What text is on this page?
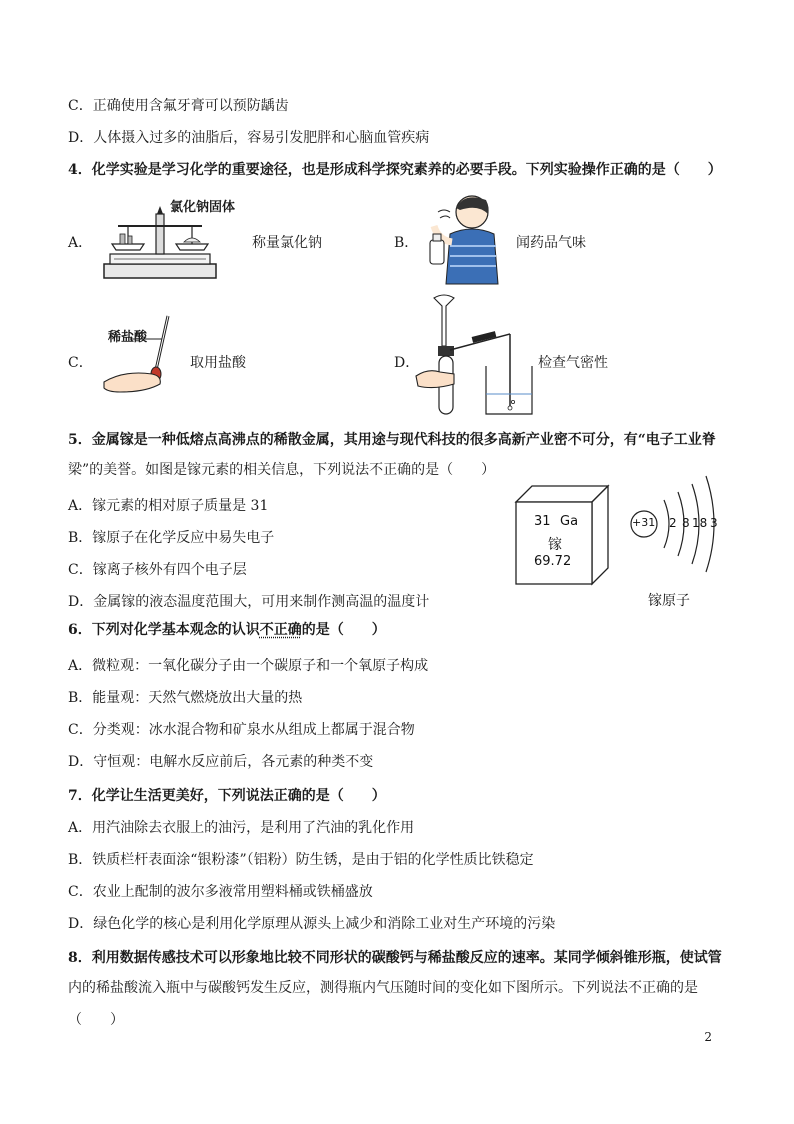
C．正确使用含氟牙膏可以预防龋齿
D．人体摄入过多的油脂后，容易引发肥胖和心脑血管疾病
4．化学实验是学习化学的重要途径，也是形成科学探究素养的必要手段。下列实验操作正确的是（　　）
A．
氯化钠固体
称量氯化钠	B．	闻药品气味
C．
稀盐酸
取用盐酸	D．	检查气密性
5．金属镓是一种低熔点高沸点的稀散金属，其用途与现代科技的很多高新产业密不可分，有“电子工业脊
梁”的美誉。如图是镓元素的相关信息，下列说法不正确的是（　　）
A．镓元素的相对原子质量是 31
B．镓原子在化学反应中易失电子
C．镓离子核外有四个电子层
D．金属镓的液态温度范围大，可用来制作测高温的温度计
31 Ga
镓
69.72
+31 2 8 18 3
镓原子
6．下列对化学基本观念的认识不正确的是（　　）
A．微粒观：一氧化碳分子由一个碳原子和一个氧原子构成
B．能量观：天然气燃烧放出大量的热
C．分类观：冰水混合物和矿泉水从组成上都属于混合物
D．守恒观：电解水反应前后，各元素的种类不变
7．化学让生活更美好，下列说法正确的是（　　）
A．用汽油除去衣服上的油污，是利用了汽油的乳化作用
B．铁质栏杆表面涂“银粉漆”（铝粉）防生锈，是由于铝的化学性质比铁稳定
C．农业上配制的波尔多液常用塑料桶或铁桶盛放
D．绿色化学的核心是利用化学原理从源头上减少和消除工业对生产环境的污染
8．利用数据传感技术可以形象地比较不同形状的碳酸钙与稀盐酸反应的速率。某同学倾斜锥形瓶，使试管
内的稀盐酸流入瓶中与碳酸钙发生反应，测得瓶内气压随时间的变化如下图所示。下列说法不正确的是
（　　）
2
